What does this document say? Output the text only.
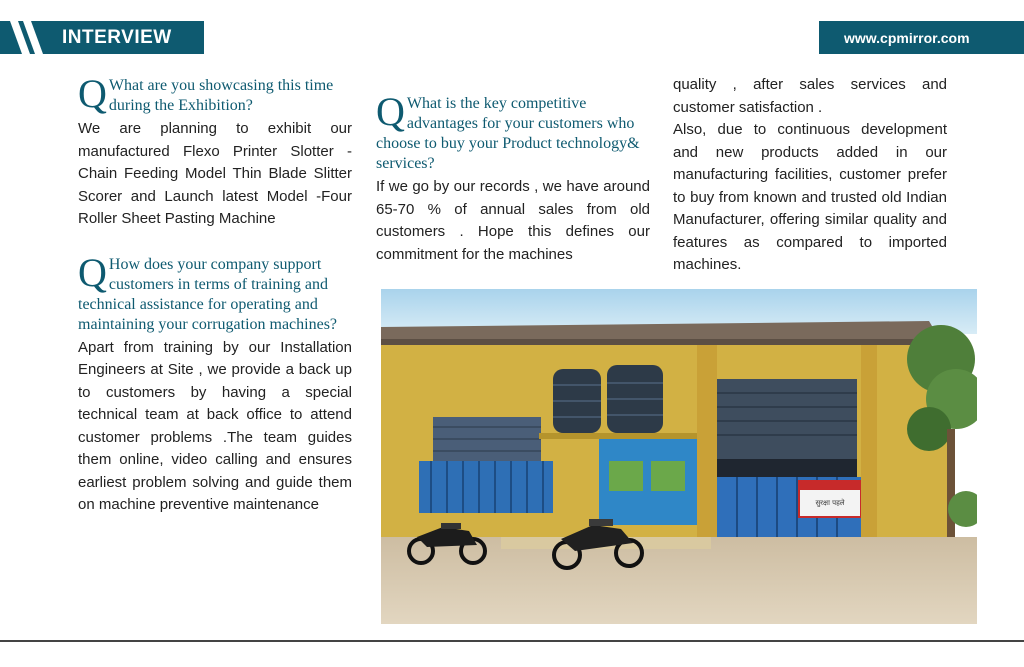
INTERVIEW	www.cpmirror.com
Q What are you showcasing this time during the Exhibition?

We are planning to exhibit our manufactured Flexo Printer Slotter - Chain Feeding Model Thin Blade Slitter Scorer and Launch latest Model -Four Roller Sheet Pasting Machine

Q How does your company support customers in terms of training and technical assistance for operating and maintaining your corrugation machines?

Apart from training by our Installation Engineers at Site , we provide a back up to customers by having a special technical team at back office to attend customer problems .The team guides them online, video calling and ensures earliest problem solving and guide them on machine preventive maintenance

Q What is the key competitive advantages for your customers who choose to buy your Product technology& services?

If we go by our records , we have around 65-70 % of annual sales from old customers . Hope this defines our commitment for the machines

quality , after sales services and customer satisfaction .

Also, due to continuous development and new products added in our manufacturing facilities, customer prefer to buy from known and trusted old Indian Manufacturer, offering similar quality and features as compared to imported machines.

सुरक्षा पहले
